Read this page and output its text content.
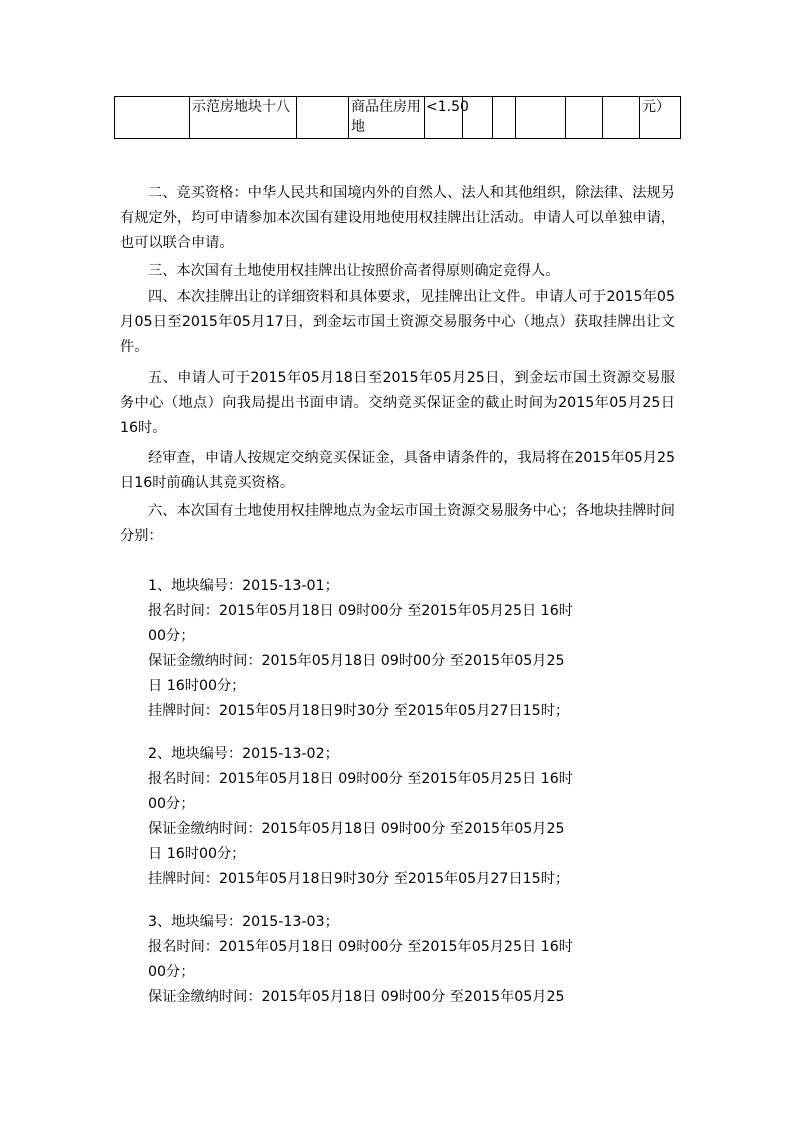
	示范房地块十八		商品住房用地	<1.50						元）

二、竞买资格：中华人民共和国境内外的自然人、法人和其他组织，除法律、法规另有规定外，均可申请参加本次国有建设用地使用权挂牌出让活动。申请人可以单独申请，也可以联合申请。

三、本次国有土地使用权挂牌出让按照价高者得原则确定竞得人。

四、本次挂牌出让的详细资料和具体要求，见挂牌出让文件。申请人可于2015年05月05日至2015年05月17日，到金坛市国土资源交易服务中心（地点）获取挂牌出让文件。

五、申请人可于2015年05月18日至2015年05月25日，到金坛市国土资源交易服务中心（地点）向我局提出书面申请。交纳竞买保证金的截止时间为2015年05月25日16时。

经审查，申请人按规定交纳竞买保证金，具备申请条件的，我局将在2015年05月25日16时前确认其竞买资格。

六、本次国有土地使用权挂牌地点为金坛市国土资源交易服务中心；各地块挂牌时间分别：

1、地块编号：2015-13-01；
报名时间：2015年05月18日 09时00分 至2015年05月25日 16时
00分；
保证金缴纳时间：2015年05月18日 09时00分 至2015年05月25
日 16时00分；
挂牌时间：2015年05月18日9时30分 至2015年05月27日15时；
2、地块编号：2015-13-02；
报名时间：2015年05月18日 09时00分 至2015年05月25日 16时
00分；
保证金缴纳时间：2015年05月18日 09时00分 至2015年05月25
日 16时00分；
挂牌时间：2015年05月18日9时30分 至2015年05月27日15时；
3、地块编号：2015-13-03；
报名时间：2015年05月18日 09时00分 至2015年05月25日 16时
00分；
保证金缴纳时间：2015年05月18日 09时00分 至2015年05月25
